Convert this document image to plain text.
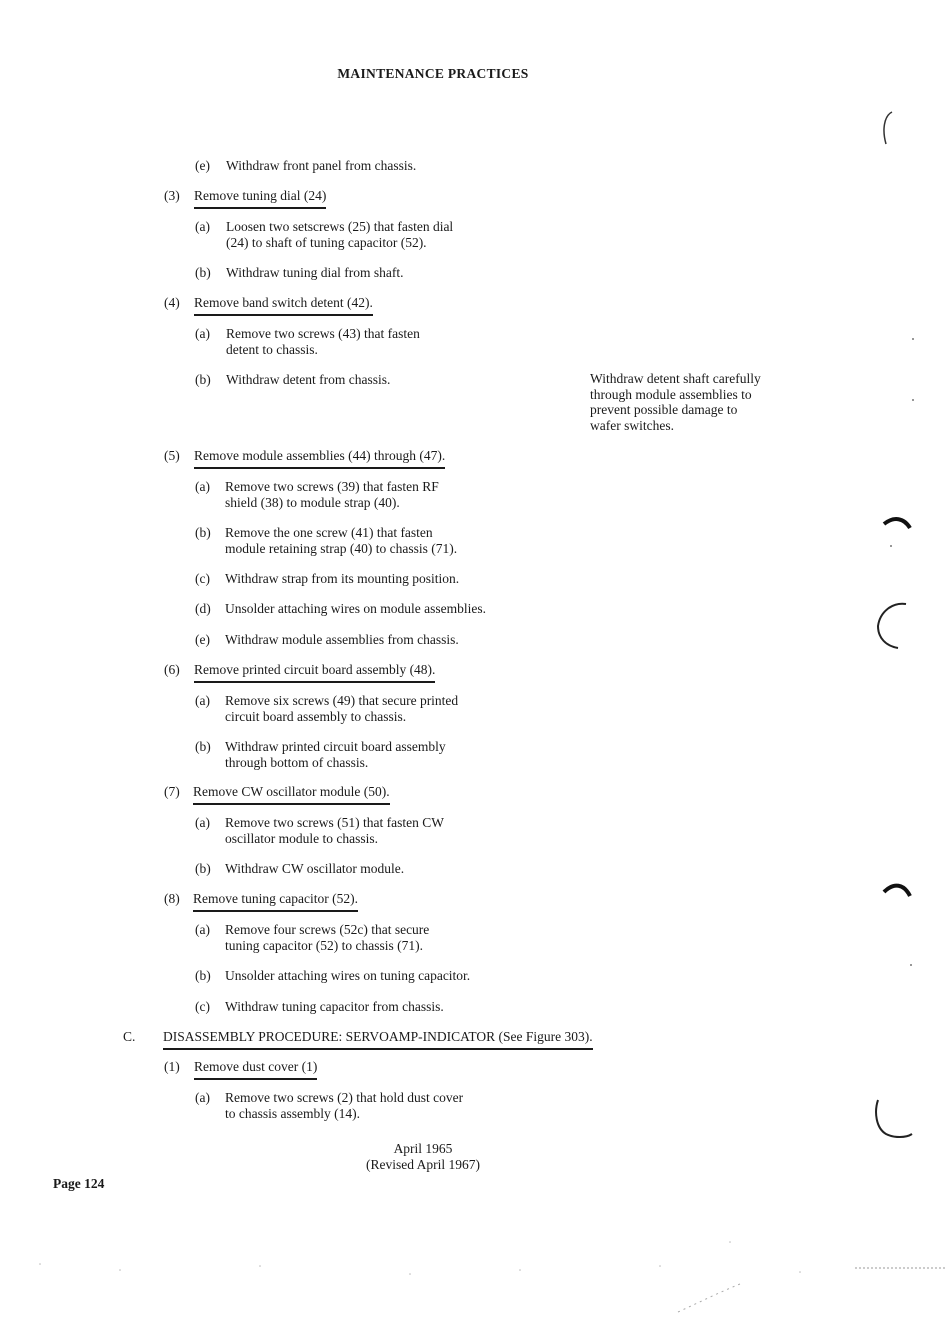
MAINTENANCE PRACTICES
(e) Withdraw front panel from chassis.
(3) Remove tuning dial (24)
(a) Loosen two setscrews (25) that fasten dial
(24) to shaft of tuning capacitor (52).
(b) Withdraw tuning dial from shaft.
(4) Remove band switch detent (42).
(a) Remove two screws (43) that fasten
detent to chassis.
(b) Withdraw detent from chassis.	Withdraw detent shaft carefully
through module assemblies to
prevent possible damage to
wafer switches.
(5) Remove module assemblies (44) through (47).
(a) Remove two screws (39) that fasten RF
shield (38) to module strap (40).
(b) Remove the one screw (41) that fasten
module retaining strap (40) to chassis (71).
(c) Withdraw strap from its mounting position.
(d) Unsolder attaching wires on module assemblies.
(e) Withdraw module assemblies from chassis.
(6) Remove printed circuit board assembly (48).
(a) Remove six screws (49) that secure printed
circuit board assembly to chassis.
(b) Withdraw printed circuit board assembly
through bottom of chassis.
(7) Remove CW oscillator module (50).
(a) Remove two screws (51) that fasten CW
oscillator module to chassis.
(b) Withdraw CW oscillator module.
(8) Remove tuning capacitor (52).
(a) Remove four screws (52c) that secure
tuning capacitor (52) to chassis (71).
(b) Unsolder attaching wires on tuning capacitor.
(c) Withdraw tuning capacitor from chassis.
C. DISASSEMBLY PROCEDURE: SERVOAMP-INDICATOR (See Figure 303).
(1) Remove dust cover (1)
(a) Remove two screws (2) that hold dust cover
to chassis assembly (14).
April 1965
(Revised April 1967)
Page 124
